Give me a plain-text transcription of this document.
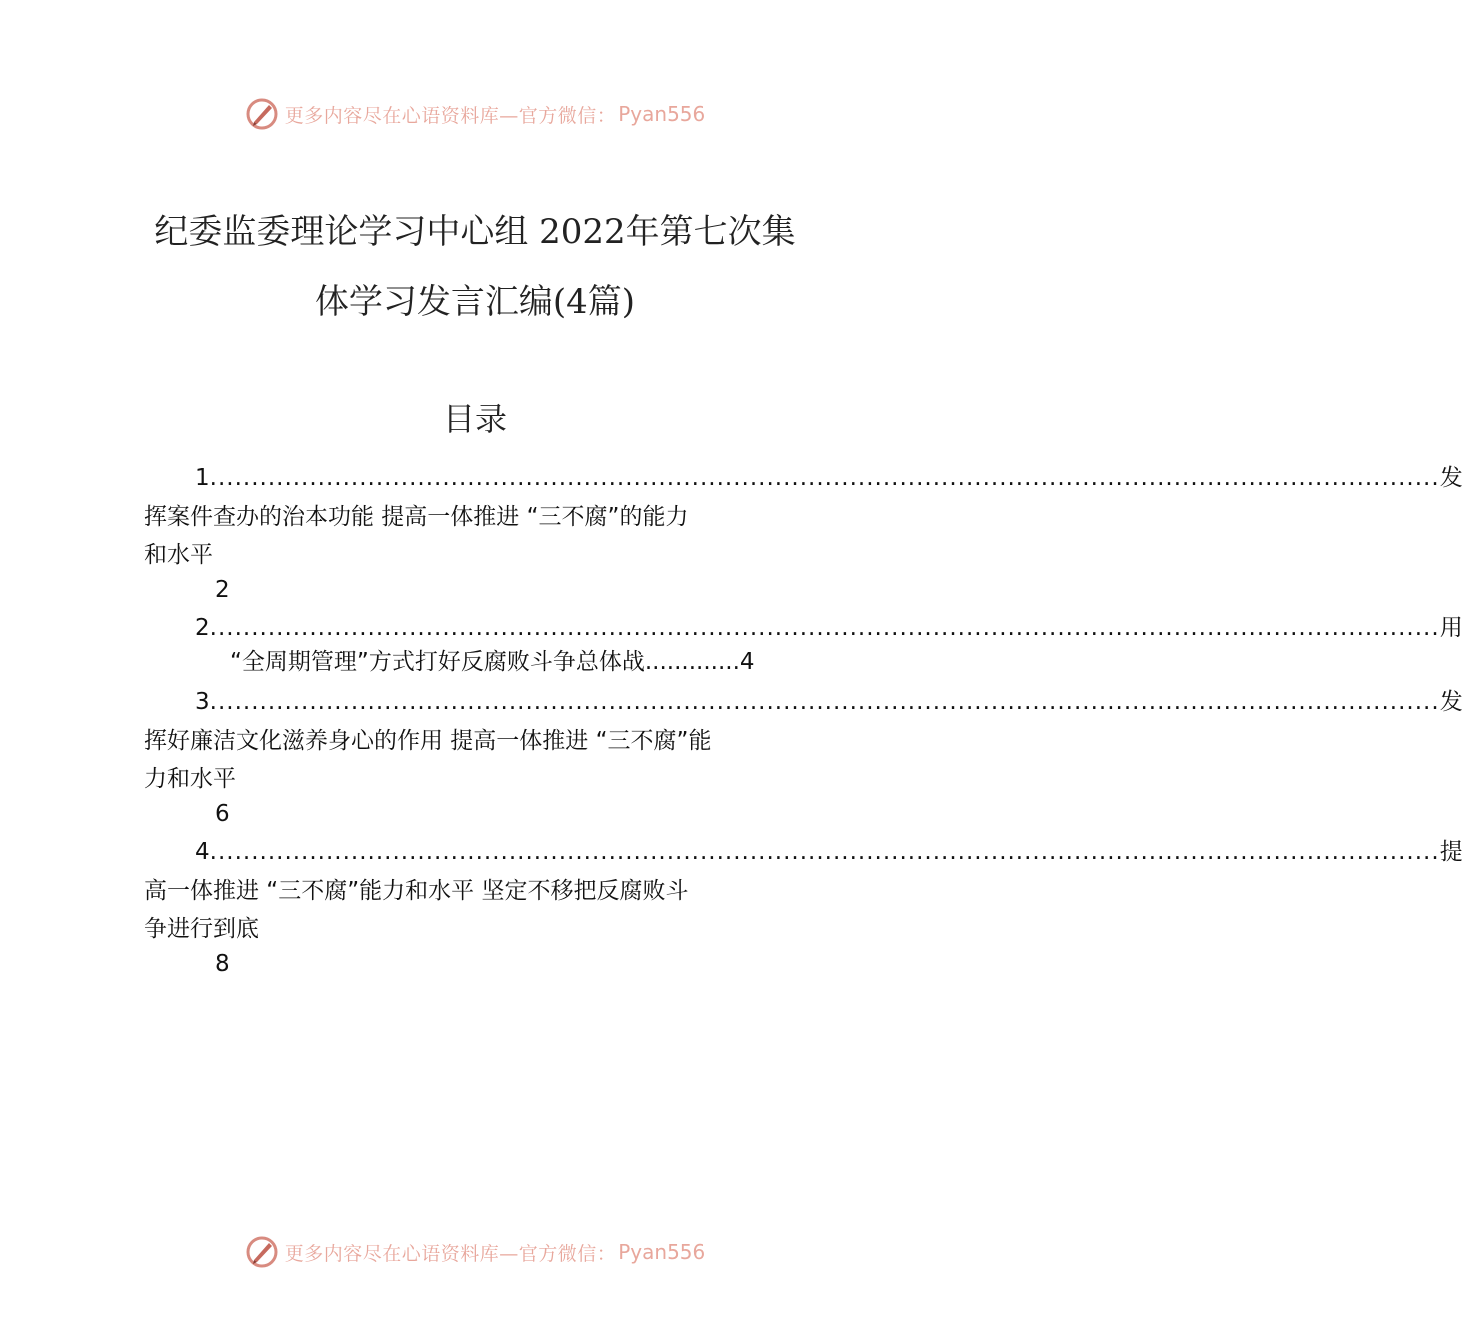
更多内容尽在心语资料库—官方微信： Pyan556
纪委监委理论学习中心组 2022年第七次集
体学习发言汇编(4篇)
目录
1 .................................................................................................................................................... 发
挥案件查办的治本功能 提高一体推进 “三不腐”的能力
和水平
2
2 .................................................................................................................................................... 用
“全周期管理”方式打好反腐败斗争总体战.............4
3 .................................................................................................................................................... 发
挥好廉洁文化滋养身心的作用 提高一体推进 “三不腐”能
力和水平
6
4 .................................................................................................................................................... 提
高一体推进 “三不腐”能力和水平 坚定不移把反腐败斗
争进行到底
8
更多内容尽在心语资料库—官方微信： Pyan556
